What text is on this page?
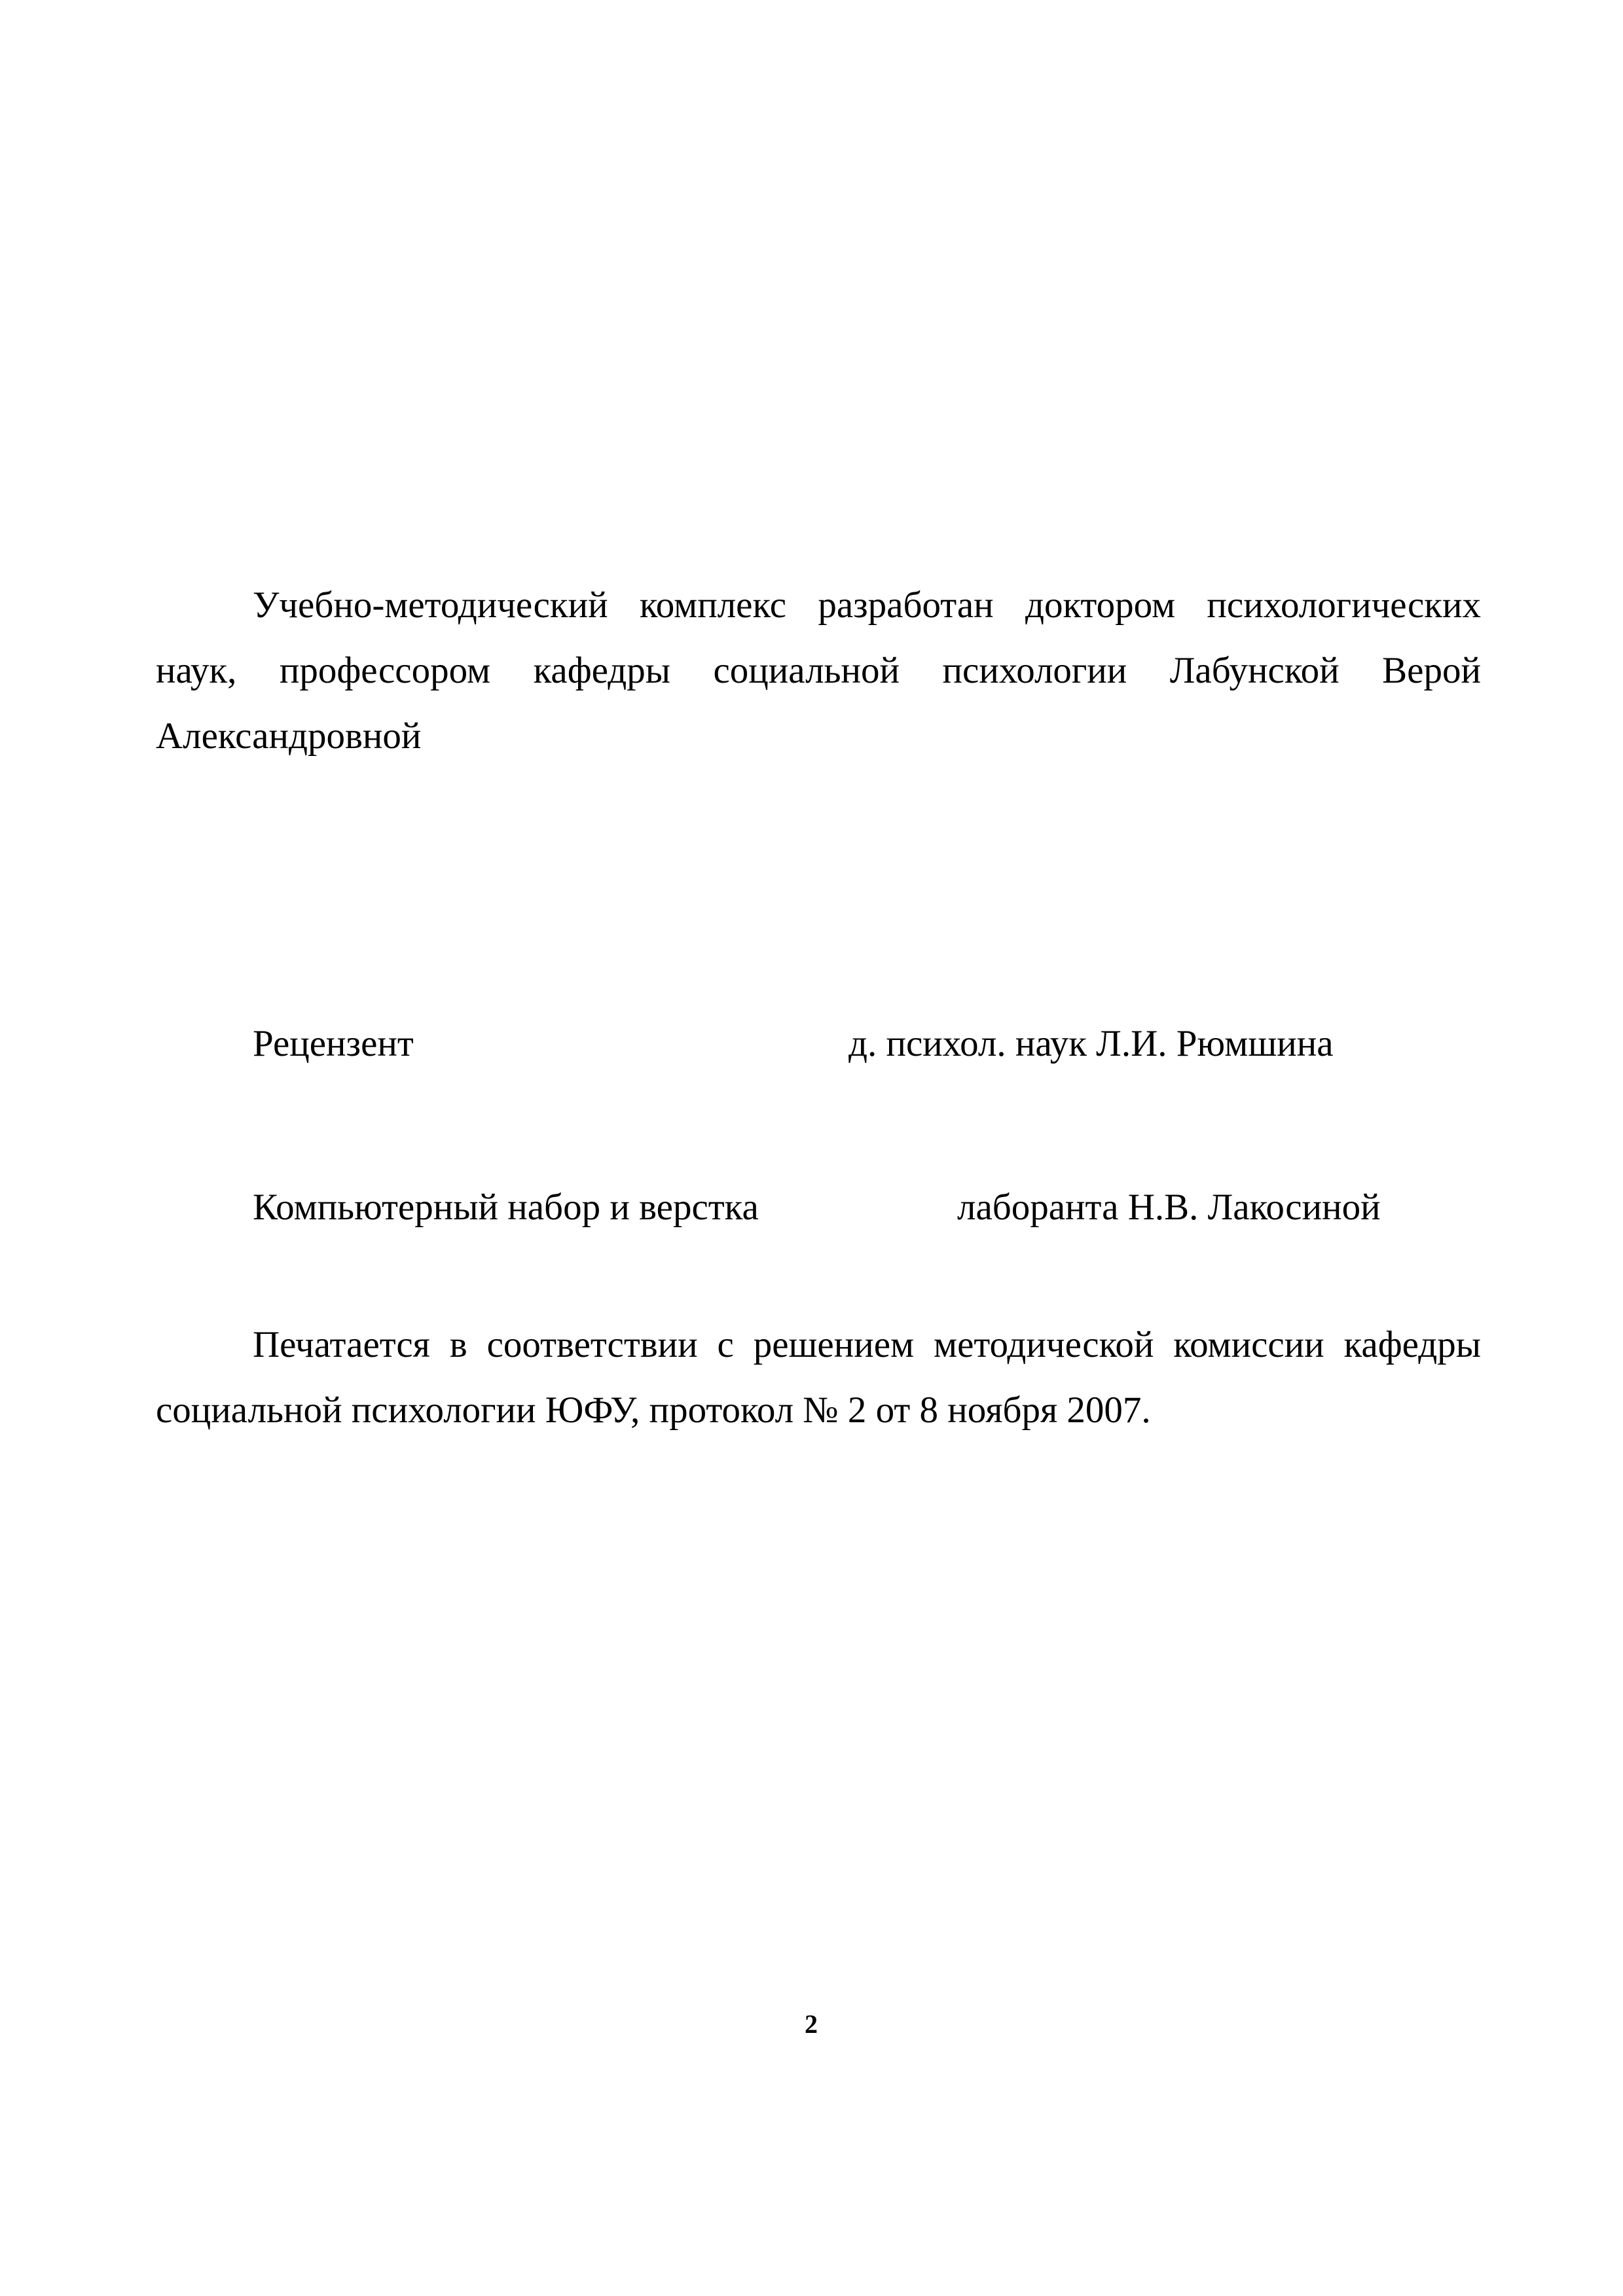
Учебно-методический комплекс разработан доктором психологических наук, профессором кафедры социальной психологии Лабунской Верой Александровной

Рецензент	д. психол. наук Л.И. Рюмшина

Компьютерный набор и верстка	лаборанта Н.В. Лакосиной

Печатается в соответствии с решением методической комиссии кафедры социальной психологии ЮФУ, протокол № 2 от 8 ноября 2007.

2
